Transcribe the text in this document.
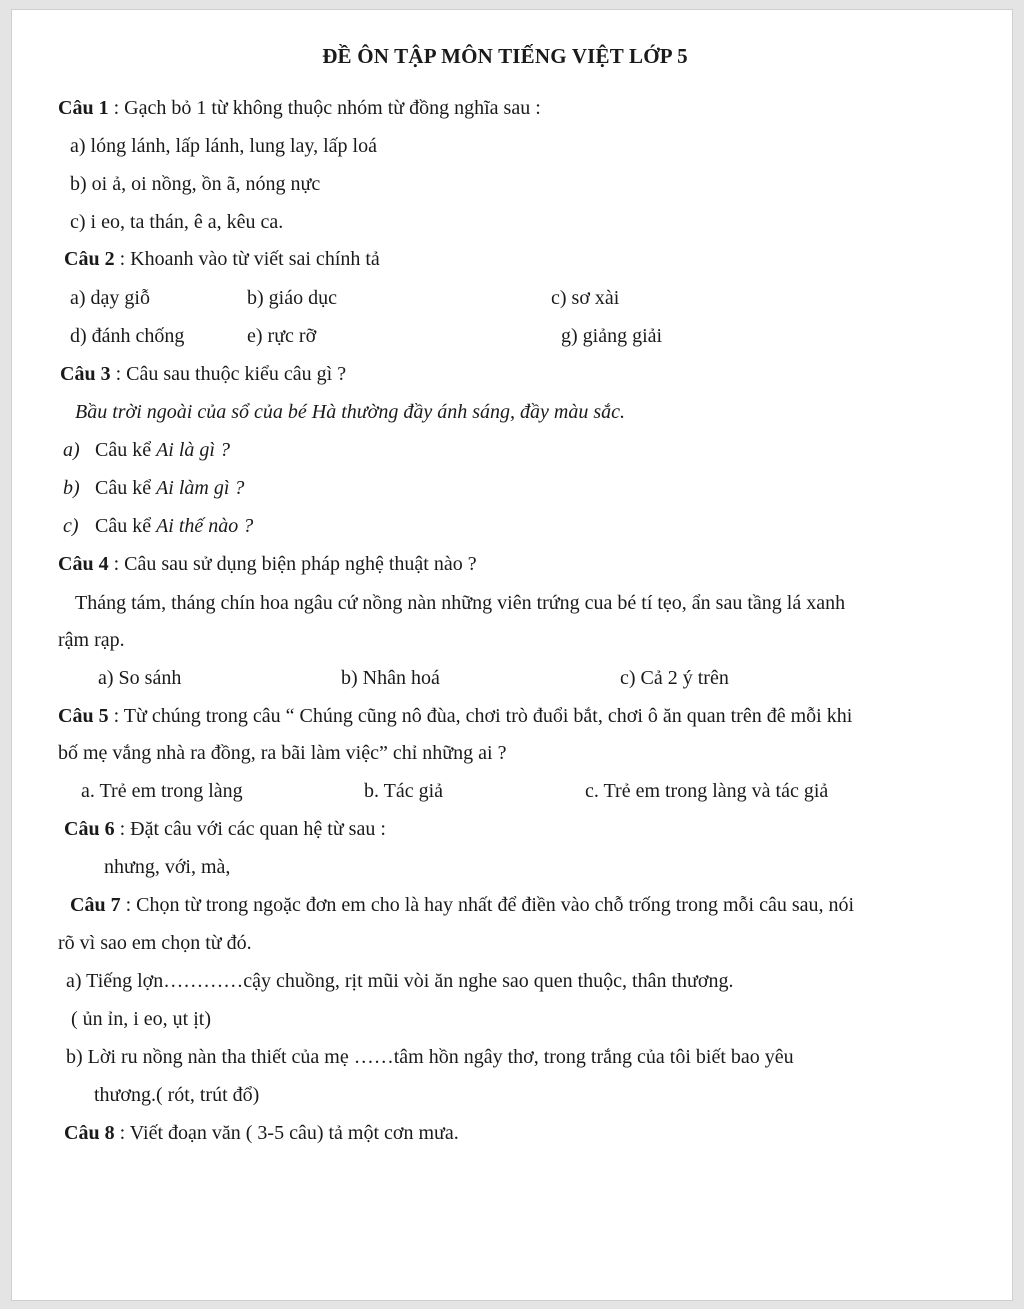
ĐỀ ÔN TẬP MÔN TIẾNG VIỆT LỚP 5
Câu 1 : Gạch bỏ 1 từ không thuộc nhóm từ đồng nghĩa sau :
a) lóng lánh, lấp lánh, lung lay, lấp loá
b) oi ả, oi nồng, ồn ã, nóng nực
c) i eo, ta thán, ê a, kêu ca.
Câu 2 : Khoanh vào từ viết sai chính tả
a) dạy giỗ	b) giáo dục	c) sơ xài
d) đánh chống	e) rực rỡ	g) giảng giải
Câu 3 : Câu sau thuộc kiểu câu gì ?
Bầu trời ngoài của sổ của bé Hà thường đầy ánh sáng, đầy màu sắc.
a) Câu kể Ai là gì ?
b) Câu kể Ai làm gì ?
c) Câu kể Ai thế nào ?
Câu 4 : Câu sau sử dụng biện pháp nghệ thuật nào ?
Tháng tám, tháng chín hoa ngâu cứ nồng nàn những viên trứng cua bé tí tẹo, ẩn sau tầng lá xanh
rậm rạp.
a) So sánh	b) Nhân hoá	c) Cả 2 ý trên
Câu 5 : Từ chúng trong câu “ Chúng cũng nô đùa, chơi trò đuổi bắt, chơi ô ăn quan trên đê mỗi khi
bố mẹ vắng nhà ra đồng, ra bãi làm việc” chỉ những ai ?
a. Trẻ em trong làng	b. Tác giả	c. Trẻ em trong làng và tác giả
Câu 6 : Đặt câu với các quan hệ từ sau :
nhưng, với, mà,
Câu 7 : Chọn từ trong ngoặc đơn em cho là hay nhất để điền vào chỗ trống trong mỗi câu sau, nói
rõ vì sao em chọn từ đó.
a) Tiếng lợn…………cậy chuồng, rịt mũi vòi ăn nghe sao quen thuộc, thân thương.
( ủn ỉn, i eo, ụt ịt)
b) Lời ru nồng nàn tha thiết của mẹ ……tâm hồn ngây thơ, trong trắng của tôi biết bao yêu
thương.( rót, trút đổ)
Câu 8 : Viết đoạn văn ( 3-5 câu) tả một cơn mưa.
